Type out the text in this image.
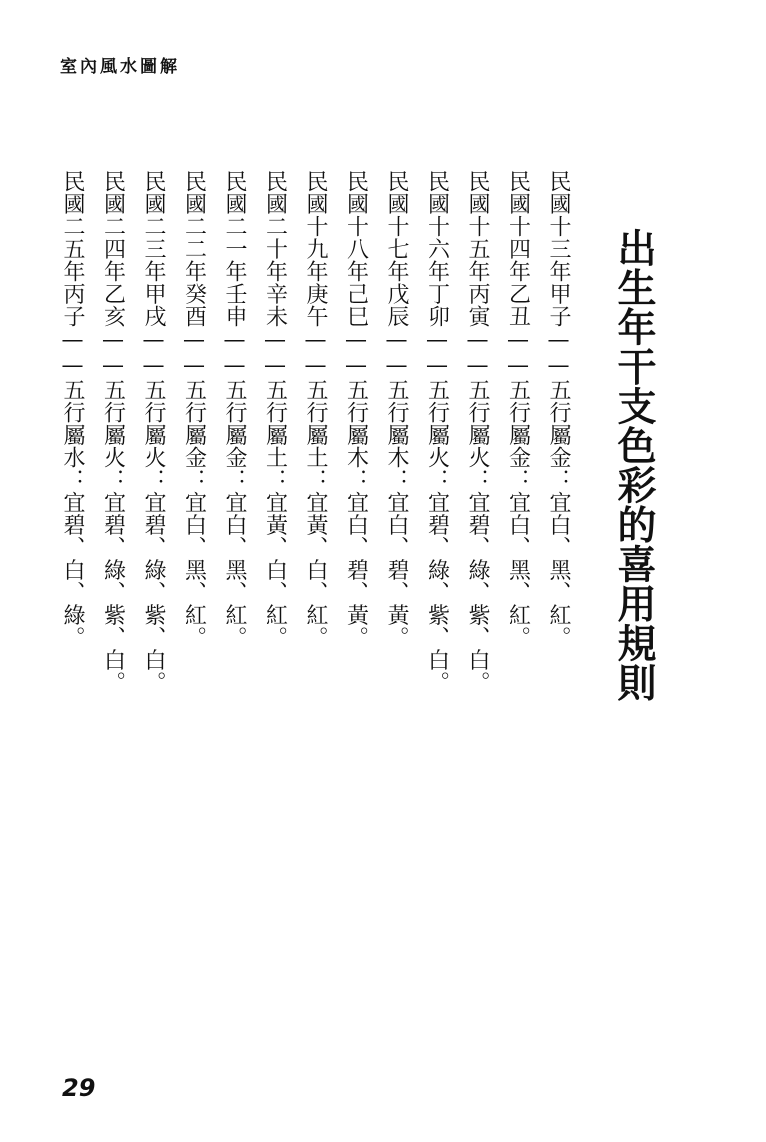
室內風水圖解
出生年干支色彩的喜用規則

民國十三年甲子——五行屬金：宜白、黑、紅。

民國十四年乙丑——五行屬金：宜白、黑、紅。

民國十五年丙寅——五行屬火：宜碧、綠、紫、白。

民國十六年丁卯——五行屬火：宜碧、綠、紫、白。

民國十七年戊辰——五行屬木：宜白、碧、黃。

民國十八年己巳——五行屬木：宜白、碧、黃。

民國十九年庚午——五行屬土：宜黃、白、紅。

民國二十年辛未——五行屬土：宜黃、白、紅。

民國二一年壬申——五行屬金：宜白、黑、紅。

民國二二年癸酉——五行屬金：宜白、黑、紅。

民國二三年甲戌——五行屬火：宜碧、綠、紫、白。

民國二四年乙亥——五行屬火：宜碧、綠、紫、白。

民國二五年丙子——五行屬水：宜碧、白、綠。

29
